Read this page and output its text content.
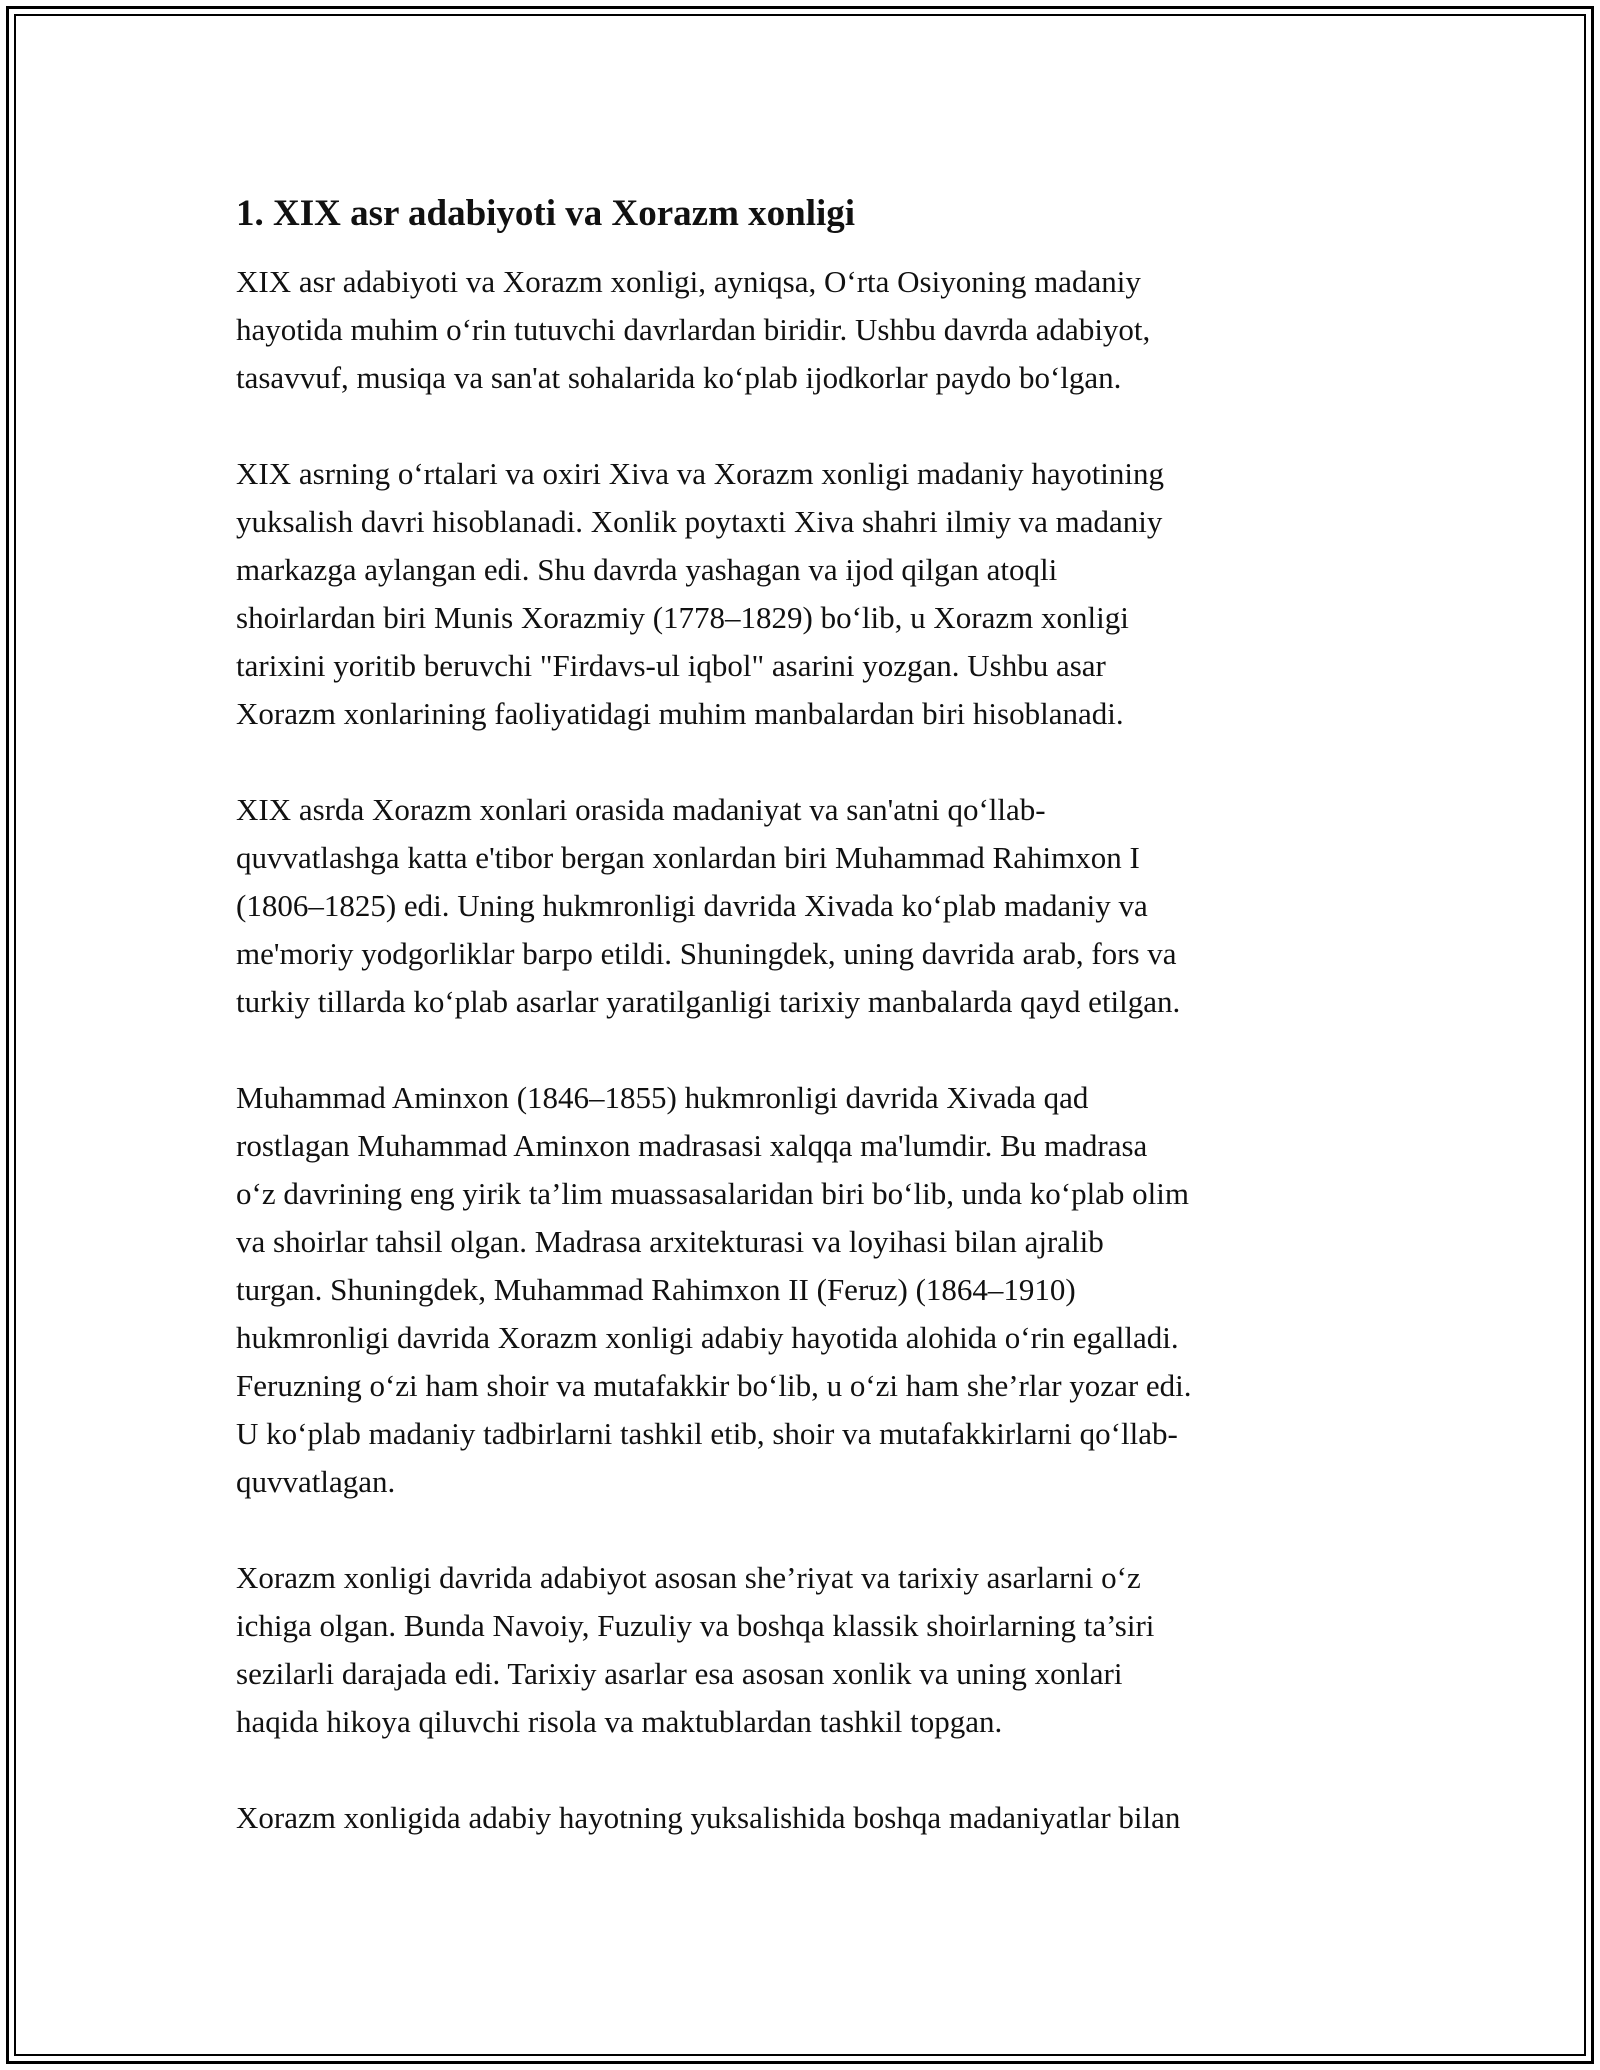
1. XIX asr adabiyoti va Xorazm xonligi

XIX asr adabiyoti va Xorazm xonligi, ayniqsa, O‘rta Osiyoning madaniy
hayotida muhim o‘rin tutuvchi davrlardan biridir. Ushbu davrda adabiyot,
tasavvuf, musiqa va san'at sohalarida ko‘plab ijodkorlar paydo bo‘lgan.

XIX asrning o‘rtalari va oxiri Xiva va Xorazm xonligi madaniy hayotining
yuksalish davri hisoblanadi. Xonlik poytaxti Xiva shahri ilmiy va madaniy
markazga aylangan edi. Shu davrda yashagan va ijod qilgan atoqli
shoirlardan biri Munis Xorazmiy (1778–1829) bo‘lib, u Xorazm xonligi
tarixini yoritib beruvchi "Firdavs-ul iqbol" asarini yozgan. Ushbu asar
Xorazm xonlarining faoliyatidagi muhim manbalardan biri hisoblanadi.

XIX asrda Xorazm xonlari orasida madaniyat va san'atni qo‘llab-
quvvatlashga katta e'tibor bergan xonlardan biri Muhammad Rahimxon I
(1806–1825) edi. Uning hukmronligi davrida Xivada ko‘plab madaniy va
me'moriy yodgorliklar barpo etildi. Shuningdek, uning davrida arab, fors va
turkiy tillarda ko‘plab asarlar yaratilganligi tarixiy manbalarda qayd etilgan.

Muhammad Aminxon (1846–1855) hukmronligi davrida Xivada qad
rostlagan Muhammad Aminxon madrasasi xalqqa ma'lumdir. Bu madrasa
o‘z davrining eng yirik ta’lim muassasalaridan biri bo‘lib, unda ko‘plab olim
va shoirlar tahsil olgan. Madrasa arxitekturasi va loyihasi bilan ajralib
turgan. Shuningdek, Muhammad Rahimxon II (Feruz) (1864–1910)
hukmronligi davrida Xorazm xonligi adabiy hayotida alohida o‘rin egalladi.
Feruzning o‘zi ham shoir va mutafakkir bo‘lib, u o‘zi ham she’rlar yozar edi.
U ko‘plab madaniy tadbirlarni tashkil etib, shoir va mutafakkirlarni qo‘llab-
quvvatlagan.

Xorazm xonligi davrida adabiyot asosan she’riyat va tarixiy asarlarni o‘z
ichiga olgan. Bunda Navoiy, Fuzuliy va boshqa klassik shoirlarning ta’siri
sezilarli darajada edi. Tarixiy asarlar esa asosan xonlik va uning xonlari
haqida hikoya qiluvchi risola va maktublardan tashkil topgan.

Xorazm xonligida adabiy hayotning yuksalishida boshqa madaniyatlar bilan
